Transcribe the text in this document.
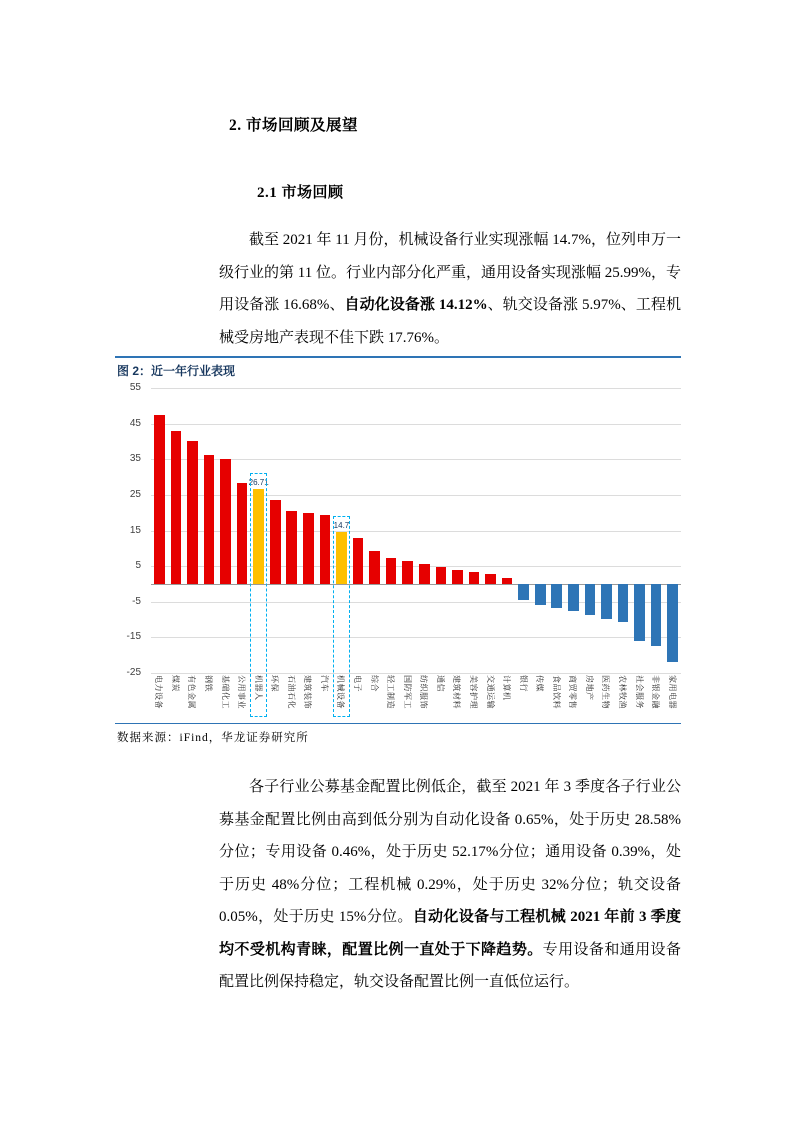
2. 市场回顾及展望
2.1 市场回顾

截至 2021 年 11 月份，机械设备行业实现涨幅 14.7%，位列申万一级行业的第 11 位。行业内部分化严重，通用设备实现涨幅 25.99%，专用设备涨 16.68%、自动化设备涨 14.12%、轨交设备涨 5.97%、工程机械受房地产表现不佳下跌 17.76%。

图 2：近一年行业表现
55
45
35
25
15
5
-5
-15
-25
电力设备 煤炭 有色金属 钢铁 基础化工 公用事业
26.71
机器人 环保 石油石化 建筑装饰 汽车
14.7
机械设备 电子 综合 轻工制造 国防军工 纺织服饰 通信 建筑材料 美容护理 交通运输 计算机 银行 传媒 食品饮料 商贸零售 房地产 医药生物 农林牧渔 社会服务 非银金融 家用电器
数据来源：iFind，华龙证券研究所

各子行业公募基金配置比例低企，截至 2021 年 3 季度各子行业公募基金配置比例由高到低分别为自动化设备 0.65%，处于历史 28.58%分位；专用设备 0.46%，处于历史 52.17%分位；通用设备 0.39%，处于历史 48%分位；工程机械 0.29%，处于历史 32%分位；轨交设备 0.05%，处于历史 15%分位。自动化设备与工程机械 2021 年前 3 季度均不受机构青睐，配置比例一直处于下降趋势。专用设备和通用设备配置比例保持稳定，轨交设备配置比例一直低位运行。
